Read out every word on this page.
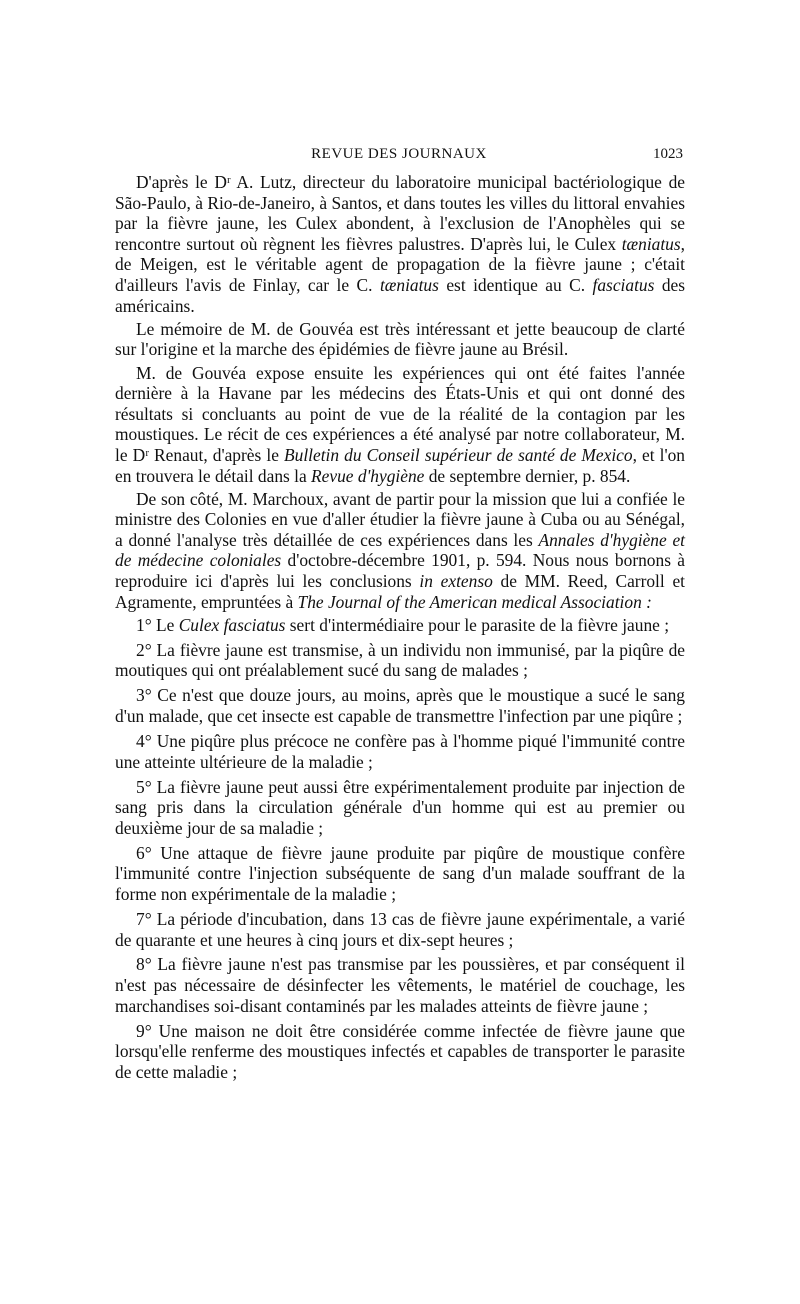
REVUE DES JOURNAUX	1023

D'après le Dʳ A. Lutz, directeur du laboratoire municipal bactériologique de São-Paulo, à Rio-de-Janeiro, à Santos, et dans toutes les villes du littoral envahies par la fièvre jaune, les Culex abondent, à l'exclusion de l'Anophèles qui se rencontre surtout où règnent les fièvres palustres. D'après lui, le Culex tæniatus, de Meigen, est le véritable agent de propagation de la fièvre jaune ; c'était d'ailleurs l'avis de Finlay, car le C. tæniatus est identique au C. fasciatus des américains.

Le mémoire de M. de Gouvéa est très intéressant et jette beaucoup de clarté sur l'origine et la marche des épidémies de fièvre jaune au Brésil.

M. de Gouvéa expose ensuite les expériences qui ont été faites l'année dernière à la Havane par les médecins des États-Unis et qui ont donné des résultats si concluants au point de vue de la réalité de la contagion par les moustiques. Le récit de ces expériences a été analysé par notre collaborateur, M. le Dʳ Renaut, d'après le Bulletin du Conseil supérieur de santé de Mexico, et l'on en trouvera le détail dans la Revue d'hygiène de septembre dernier, p. 854.

De son côté, M. Marchoux, avant de partir pour la mission que lui a confiée le ministre des Colonies en vue d'aller étudier la fièvre jaune à Cuba ou au Sénégal, a donné l'analyse très détaillée de ces expériences dans les Annales d'hygiène et de médecine coloniales d'octobre-décembre 1901, p. 594. Nous nous bornons à reproduire ici d'après lui les conclusions in extenso de MM. Reed, Carroll et Agramente, empruntées à The Journal of the American medical Association :

1° Le Culex fasciatus sert d'intermédiaire pour le parasite de la fièvre jaune ;

2° La fièvre jaune est transmise, à un individu non immunisé, par la piqûre de moutiques qui ont préalablement sucé du sang de malades ;

3° Ce n'est que douze jours, au moins, après que le moustique a sucé le sang d'un malade, que cet insecte est capable de transmettre l'infection par une piqûre ;

4° Une piqûre plus précoce ne confère pas à l'homme piqué l'immunité contre une atteinte ultérieure de la maladie ;

5° La fièvre jaune peut aussi être expérimentalement produite par injection de sang pris dans la circulation générale d'un homme qui est au premier ou deuxième jour de sa maladie ;

6° Une attaque de fièvre jaune produite par piqûre de moustique confère l'immunité contre l'injection subséquente de sang d'un malade souffrant de la forme non expérimentale de la maladie ;

7° La période d'incubation, dans 13 cas de fièvre jaune expérimentale, a varié de quarante et une heures à cinq jours et dix-sept heures ;

8° La fièvre jaune n'est pas transmise par les poussières, et par conséquent il n'est pas nécessaire de désinfecter les vêtements, le matériel de couchage, les marchandises soi-disant contaminés par les malades atteints de fièvre jaune ;

9° Une maison ne doit être considérée comme infectée de fièvre jaune que lorsqu'elle renferme des moustiques infectés et capables de transporter le parasite de cette maladie ;
